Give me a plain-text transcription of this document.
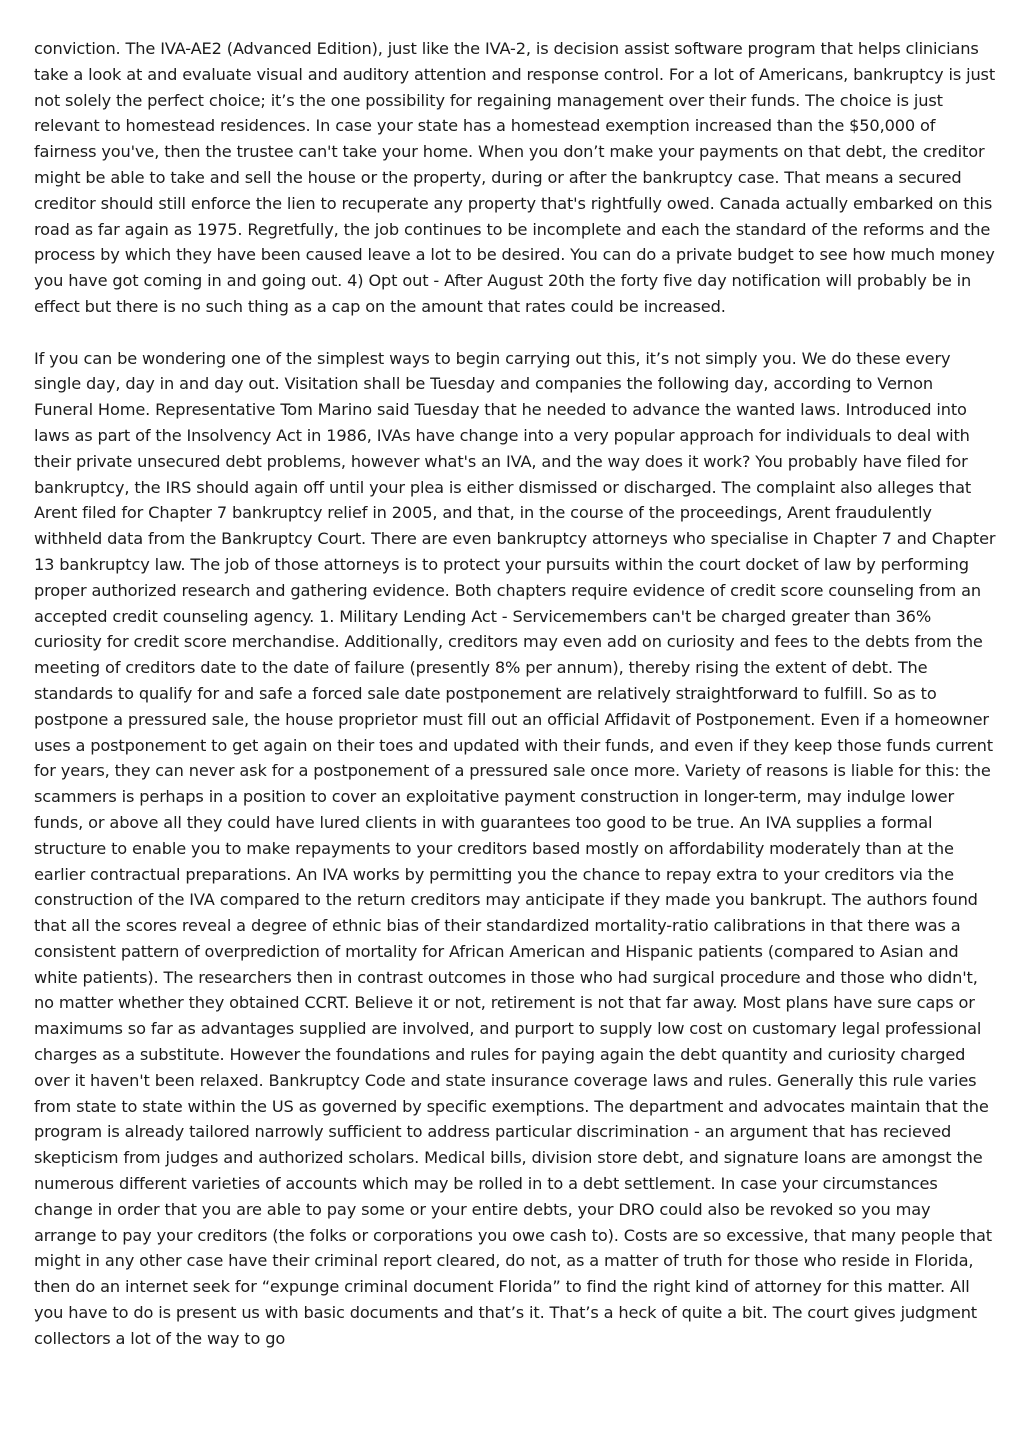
conviction. The IVA-AE2 (Advanced Edition), just like the IVA-2, is decision assist software program that helps clinicians take a look at and evaluate visual and auditory attention and response control. For a lot of Americans, bankruptcy is just not solely the perfect choice; it’s the one possibility for regaining management over their funds. The choice is just relevant to homestead residences. In case your state has a homestead exemption increased than the $50,000 of fairness you've, then the trustee can't take your home. When you don’t make your payments on that debt, the creditor might be able to take and sell the house or the property, during or after the bankruptcy case. That means a secured creditor should still enforce the lien to recuperate any property that's rightfully owed. Canada actually embarked on this road as far again as 1975. Regretfully, the job continues to be incomplete and each the standard of the reforms and the process by which they have been caused leave a lot to be desired. You can do a private budget to see how much money you have got coming in and going out. 4) Opt out - After August 20th the forty five day notification will probably be in effect but there is no such thing as a cap on the amount that rates could be increased.

If you can be wondering one of the simplest ways to begin carrying out this, it’s not simply you. We do these every single day, day in and day out. Visitation shall be Tuesday and companies the following day, according to Vernon Funeral Home. Representative Tom Marino said Tuesday that he needed to advance the wanted laws. Introduced into laws as part of the Insolvency Act in 1986, IVAs have change into a very popular approach for individuals to deal with their private unsecured debt problems, however what's an IVA, and the way does it work? You probably have filed for bankruptcy, the IRS should again off until your plea is either dismissed or discharged. The complaint also alleges that Arent filed for Chapter 7 bankruptcy relief in 2005, and that, in the course of the proceedings, Arent fraudulently withheld data from the Bankruptcy Court. There are even bankruptcy attorneys who specialise in Chapter 7 and Chapter 13 bankruptcy law. The job of those attorneys is to protect your pursuits within the court docket of law by performing proper authorized research and gathering evidence. Both chapters require evidence of credit score counseling from an accepted credit counseling agency. 1. Military Lending Act - Servicemembers can't be charged greater than 36% curiosity for credit score merchandise. Additionally, creditors may even add on curiosity and fees to the debts from the meeting of creditors date to the date of failure (presently 8% per annum), thereby rising the extent of debt. The standards to qualify for and safe a forced sale date postponement are relatively straightforward to fulfill. So as to postpone a pressured sale, the house proprietor must fill out an official Affidavit of Postponement. Even if a homeowner uses a postponement to get again on their toes and updated with their funds, and even if they keep those funds current for years, they can never ask for a postponement of a pressured sale once more. Variety of reasons is liable for this: the scammers is perhaps in a position to cover an exploitative payment construction in longer-term, may indulge lower funds, or above all they could have lured clients in with guarantees too good to be true. An IVA supplies a formal structure to enable you to make repayments to your creditors based mostly on affordability moderately than at the earlier contractual preparations. An IVA works by permitting you the chance to repay extra to your creditors via the construction of the IVA compared to the return creditors may anticipate if they made you bankrupt. The authors found that all the scores reveal a degree of ethnic bias of their standardized mortality-ratio calibrations in that there was a consistent pattern of overprediction of mortality for African American and Hispanic patients (compared to Asian and white patients). The researchers then in contrast outcomes in those who had surgical procedure and those who didn't, no matter whether they obtained CCRT. Believe it or not, retirement is not that far away. Most plans have sure caps or maximums so far as advantages supplied are involved, and purport to supply low cost on customary legal professional charges as a substitute. However the foundations and rules for paying again the debt quantity and curiosity charged over it haven't been relaxed. Bankruptcy Code and state insurance coverage laws and rules. Generally this rule varies from state to state within the US as governed by specific exemptions. The department and advocates maintain that the program is already tailored narrowly sufficient to address particular discrimination - an argument that has recieved skepticism from judges and authorized scholars. Medical bills, division store debt, and signature loans are amongst the numerous different varieties of accounts which may be rolled in to a debt settlement. In case your circumstances change in order that you are able to pay some or your entire debts, your DRO could also be revoked so you may arrange to pay your creditors (the folks or corporations you owe cash to). Costs are so excessive, that many people that might in any other case have their criminal report cleared, do not, as a matter of truth for those who reside in Florida, then do an internet seek for “expunge criminal document Florida” to find the right kind of attorney for this matter. All you have to do is present us with basic documents and that’s it. That’s a heck of quite a bit. The court gives judgment collectors a lot of the way to go
